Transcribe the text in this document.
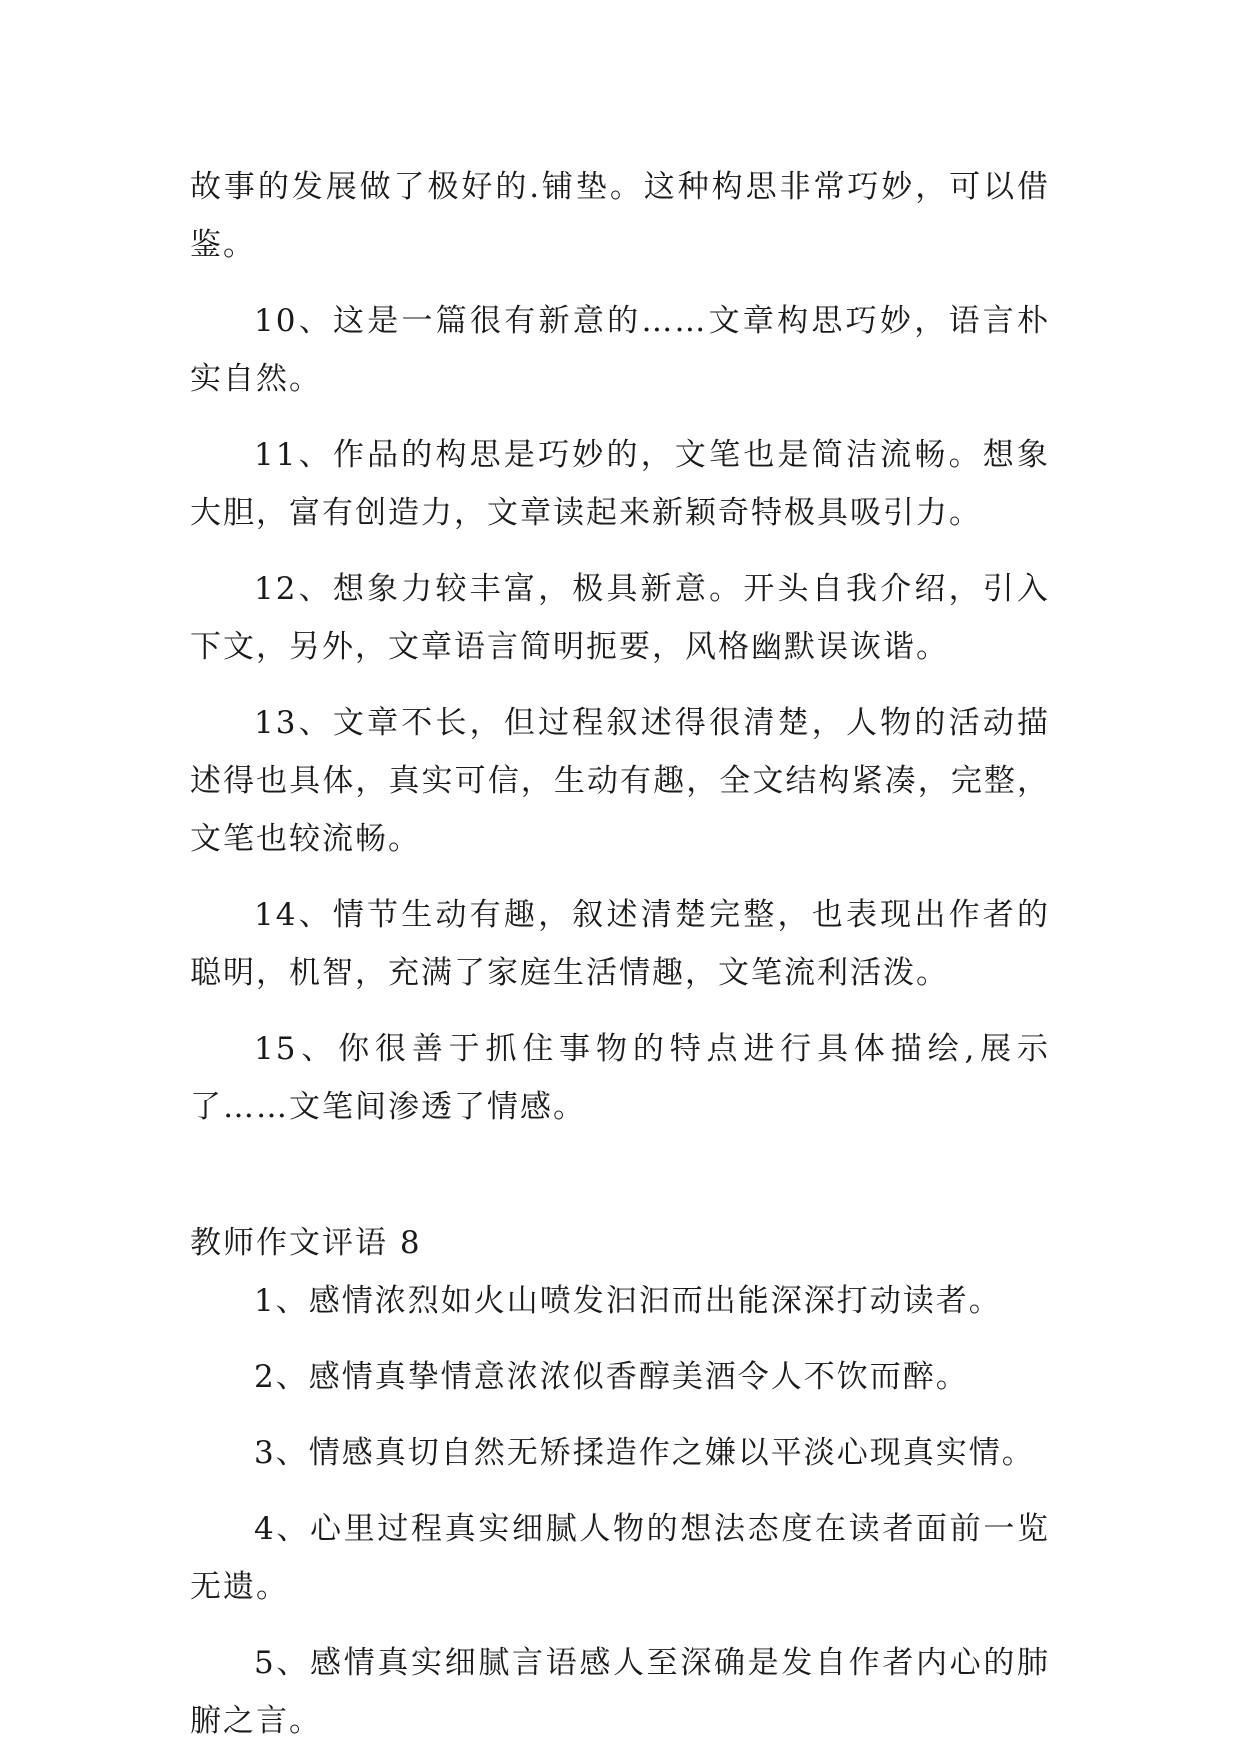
故事的发展做了极好的.铺垫。这种构思非常巧妙，可以借鉴。

10、这是一篇很有新意的……文章构思巧妙，语言朴实自然。

11、作品的构思是巧妙的，文笔也是简洁流畅。想象大胆，富有创造力，文章读起来新颖奇特极具吸引力。

12、想象力较丰富，极具新意。开头自我介绍，引入下文，另外，文章语言简明扼要，风格幽默误诙谐。

13、文章不长，但过程叙述得很清楚，人物的活动描述得也具体，真实可信，生动有趣，全文结构紧凑，完整，文笔也较流畅。

14、情节生动有趣，叙述清楚完整，也表现出作者的聪明，机智，充满了家庭生活情趣，文笔流利活泼。

15、你很善于抓住事物的特点进行具体描绘,展示了……文笔间渗透了情感。

教师作文评语 8

1、感情浓烈如火山喷发汩汩而出能深深打动读者。

2、感情真挚情意浓浓似香醇美酒令人不饮而醉。

3、情感真切自然无矫揉造作之嫌以平淡心现真实情。

4、心里过程真实细腻人物的想法态度在读者面前一览无遗。

5、感情真实细腻言语感人至深确是发自作者内心的肺腑之言。
